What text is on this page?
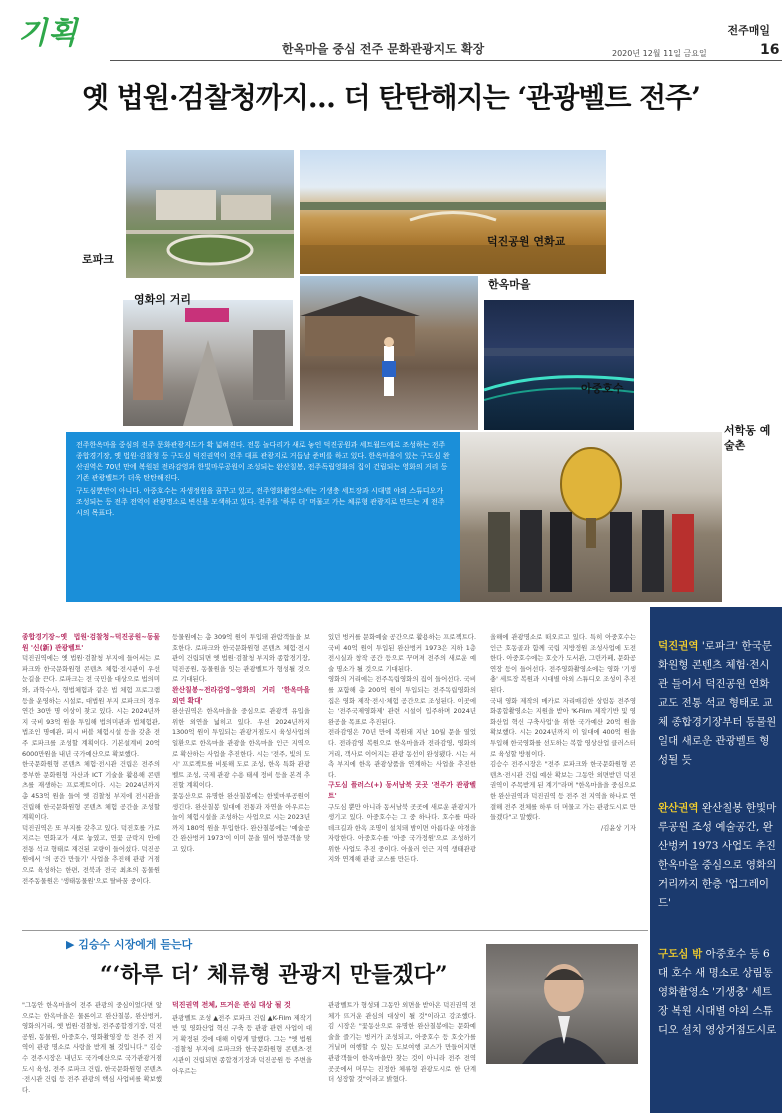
기획	전주매일
한옥마을 중심 전주 문화관광지도 확장	2020년 12월 11일 금요일	16
옛 법원·검찰청까지… 더 탄탄해지는 ‘관광벨트 전주’
로파크
덕진공원 연화교
영화의 거리
한옥마을
아중호수
서학동 예술촌

전주한옥마을 중심의 전주 문화관광지도가 확 넓혀진다. 전통 놀다리가 새로 놓인 덕진공원과 세트월드에로 조성하는 전주종합경기장, 옛 법원·검찰청 등 구도심 덕진권역이 전주 대표 관광지로 거듭날 준비를 하고 있다. 한옥마을이 있는 구도심 완산권역은 70년 만에 복원된 전라감영과 한빛마루공원이 조성되는 완산칠봉, 전주독립영화의 집이 건립되는 영화의 거리 등 기존 관광벨트가 더욱 탄탄해진다.

구도심뿐만이 아니다. 아중호수는 자생정원을 꿈꾸고 있고, 전주영화촬영소에는 기생충 세트장과 시대별 야외 스튜디오가 조성되는 등 전주 전역이 관광명소로 변신을 모색하고 있다. 전주를 '하루 더' 머물고 가는 체류형 관광지로 만드는 게 전주시의 목표다.

종합경기장~옛 법원·검찰청~덕진공원~동물원 '신(新) 관광벨트'

덕진권역에는 옛 법원·검찰청 부지에 들어서는 로파크와 한국문화원형 콘텐츠 체험·전시관이 우선 눈길을 끈다. 로파크는 전 국민을 대상으로 법의미와, 과학수사, 형법체험과 같은 법 체험 프로그램 등을 운영하는 시설로, 대법원 부지 로파크의 경우 연간 30만 명 이상이 찾고 있다. 시는 2024년까지 국비 93억 원을 투입해 법의미관과 법체험관, 법조인 명예관, 피시 버블 체험시설 등을 갖춘 전주 로파크를 조성할 계획이다. 기본설계비 20억6000만원을 내년 국가예산으로 확보했다.

한국문화원형 콘텐츠 체험·전시관 건립은 전주의 풍부한 문화원형 자산과 ICT 기술을 활용해 콘텐츠를 재생하는 프로젝트이다. 시는 2024년까지 총 453억 원을 들여 옛 검찰청 부지에 전시관을 건립해 한국문화원형 콘텐츠 체험 공간을 조성할 계획이다.

덕진권역은 또 부지를 갖추고 있다. 덕진호를 가로지르는 연화교가 새로 놓였고, 연꽃 군락지 안에 전통 석교 형태로 재건된 교량이 들어섰다. 덕진공원에서 '의 공간 만들기' 사업을 추진해 관광 거점으로 육성하는 한편, 전북과 전국 최초의 동물원 전주동물원은 '생태동물원'으로 탈바꿈 중이다.

등물원에는 총 309억 원이 투입돼 관람객들을 보호한다. 로파크와 한국문화원형 콘텐츠 체험·전시관이 건립되면 옛 법원·검찰청 부지와 종합경기장, 덕진공원, 동물원을 잇는 관광벨트가 형성될 것으로 기대된다.

완산칠봉~전라감영~영화의 거리 '한옥마을 외연 확대'

완산권역은 한옥마을을 중심으로 관광객 유입을 위한 외연을 넓히고 있다. 우선 2024년까지 1300억 원이 투입되는 관광거점도시 육성사업의 일환으로 한옥마을 관광을 한옥마을 인근 지역으로 확산하는 사업을 추진한다. 시는 '전주, 빛의 도시' 프로젝트를 비롯해 도로 조성, 한옥 특화 관광벨트 조성, 국제 관광 수용 태세 정비 등을 본격 추진할 계획이다.

꽃동산으로 유명한 완산칠봉에는 한빛마루공원이 생긴다. 완산칠봉 일대에 전통과 자연을 아우르는 놀이 체험시설을 조성하는 사업으로 시는 2023년까지 180억 원을 투입한다. 완산칠봉에는 '예술공간 완산벙커 1973'이 이미 문을 열어 방문객을 맞고 있다.

있던 벙커를 문화예술 공간으로 활용하는 프로젝트다. 국비 40억 원이 투입된 완산벙커 1973은 지하 1층 전시실과 창작 공간 등으로 꾸며져 전주의 새로운 예술 명소가 될 것으로 기대된다.

영화의 거리에는 전주독립영화의 집이 들어선다. 국비를 포함해 총 200억 원이 투입되는 전주독립영화의 집은 영화 제작·전시·체험 공간으로 조성된다. 이곳에는 '전주국제영화제' 관련 시설이 입주하며 2024년 완공을 목표로 추진된다.

전라감영은 70년 만에 복원돼 지난 10월 문을 열었다. 전라감영 복원으로 한옥마을과 전라감영, 영화의 거리, 객사로 이어지는 관광 동선이 완성됐다. 시는 서측 부지에 한옥 관광상품을 연계하는 사업을 추진한다.

구도심 플러스(+) 동서남북 곳곳 '전주가 관광벨트'

구도심 뿐만 아니라 동서남북 곳곳에 새로운 관광지가 생기고 있다. 아중호수는 그 중 하나다. 호수를 따라 데크길과 한옥 조명이 설치돼 밤이면 아름다운 야경을 자랑한다. 아중호수를 '아중 국가정원'으로 조성하기 위한 사업도 추진 중이다. 아울러 인근 지역 생태관광지와 연계해 관광 코스를 만든다.

올해에 관광명소로 떠오르고 있다. 특히 아중호수는 인근 호동골과 함께 국립 지방정원 조성사업에 도전한다. 아중호수에는 호숫가 도서관, 그린카페, 문화공연장 등이 들어선다. 전주영화촬영소에는 영화 '기생충' 세트장 복원과 시대별 야외 스튜디오 조성이 추진된다.

국내 영화 제작의 메카로 자리매김한 상림동 전주영화종합촬영소는 지원을 받아 'K-Film 제작기반 및 영화산업 혁신 구축사업'을 위한 국가예산 20억 원을 확보했다. 시는 2024년까지 이 일대에 400억 원을 투입해 한국영화를 선도하는 복합 영상산업 클러스터로 육성할 방침이다.

김승수 전주시장은 "전주 로파크와 한국문화원형 콘텐츠·전시관 건립 예산 확보는 그동안 외면받던 덕진권역이 주목받게 된 계기"라며 "한옥마을을 중심으로 한 완산권역과 덕진권역 등 전주 전 지역을 하나로 연결해 전주 전체를 하루 더 머물고 가는 관광도시로 만들겠다"고 말했다.

/김윤상 기자

덕진권역 '로파크' 한국문화원형 콘텐츠 체험·전시관 들어서 덕진공원 연화교도 전통 석교 형태로 교체 종합경기장부터 동물원 일대 새로운 관광벨트 형성될 듯
완산권역 완산칠봉 한빛마루공원 조성 예술공간, 완산벙커 1973 사업도 추진 한옥마을 중심으로 영화의 거리까지 한층 '업그레이드'
구도심 밖 아중호수 등 6대 호수 새 명소로 상림동 영화촬영소 '기생충' 세트장 복원 시대별 야외 스튜디오 설치 영상거점도시로
▶ 김승수 시장에게 듣는다
“‘하루 더’ 체류형 관광지 만들겠다”

"그동안 한옥마을이 전주 관광의 중심이었다면 앞으로는 한옥마을은 물론이고 완산칠봉, 완산벙커, 영화의거리, 옛 법원·검찰청, 전주종합경기장, 덕진공원, 동물원, 아중호수, 영화촬영장 등 전주 전 지역이 관광 명소로 사랑을 받게 될 것입니다." 김승수 전주시장은 내년도 국가예산으로 국가관광거점도시 육성, 전주 로파크 건립, 한국문화원형 콘텐츠·전시관 건립 등 전주 관광의 핵심 사업비를 확보했다.

덕진권역 전체, 뜨거운 관심 대상 될 것

관광벨트 조성 ▲전주 로파크 건립 ▲K-Film 제작기반 및 영화산업 혁신 구축 등 관광 관련 사업이 대거 확정된 것에 대해 이렇게 말했다. 그는 "옛 법원·검찰청 부지에 로파크와 한국문화원형 콘텐츠·전시관이 건립되면 종합경기장과 덕진공원 등 주변을 아우르는

관광벨트가 형성돼 그동안 외면을 받아온 덕진권역 전체가 뜨거운 관심의 대상이 될 것"이라고 강조했다. 김 시장은 "꽃동산으로 유명한 완산칠봉에는 문화예술을 즐기는 벙커가 조성되고, 아중호수 등 호숫가를 거닐며 여행할 수 있는 도보여행 코스가 만들어지면 관광객들이 한옥마을만 찾는 것이 아니라 전주 전역 곳곳에서 머무는 진정한 체류형 관광도시로 한 단계 더 성장할 것"이라고 밝혔다.
